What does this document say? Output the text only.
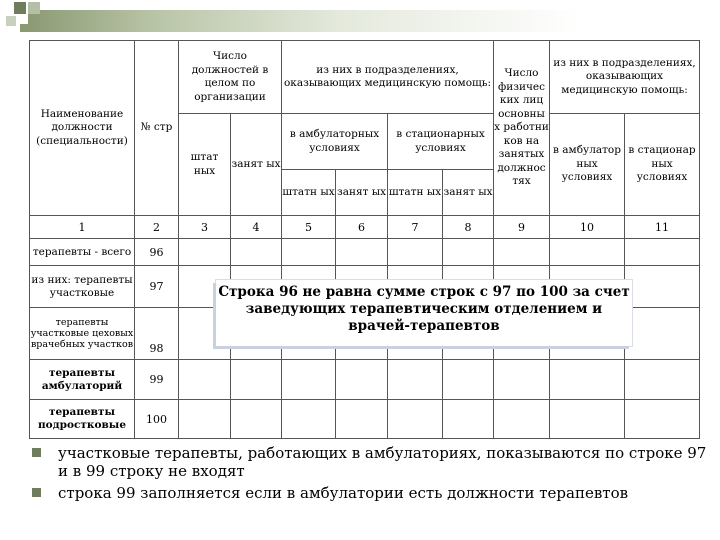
Наименование должности (специальности)	№ стр	Число должностей в целом по организации		из них в подразделениях, оказывающих медицинскую помощь:				Число физичес ких лиц основны х работни ков на занятых должнос тях	из них в подразделениях, оказывающих медицинскую помощь:	
		штат ных	занят ых	в амбулаторных условиях		в стационарных условиях			в амбулатор ных условиях	в стационар ных условиях
				штатн ых	занят ых	штатн ых	занят ых			
1	2	3	4	5	6	7	8	9	10	11
терапевты - всего	96									
из них: терапевты участковые	97									
терапевты участковые цеховых врачебных участков	98									
терапевты амбулаторий	99									
терапевты подростковые	100									
Строка 96 не равна сумме строк с 97 по 100 за счет заведующих терапевтическим отделением и врачей-терапевтов
участковые терапевты, работающих в амбулаториях, показываются по строке 97 и в 99 строку не входят
строка 99 заполняется если в амбулатории есть должности терапевтов
